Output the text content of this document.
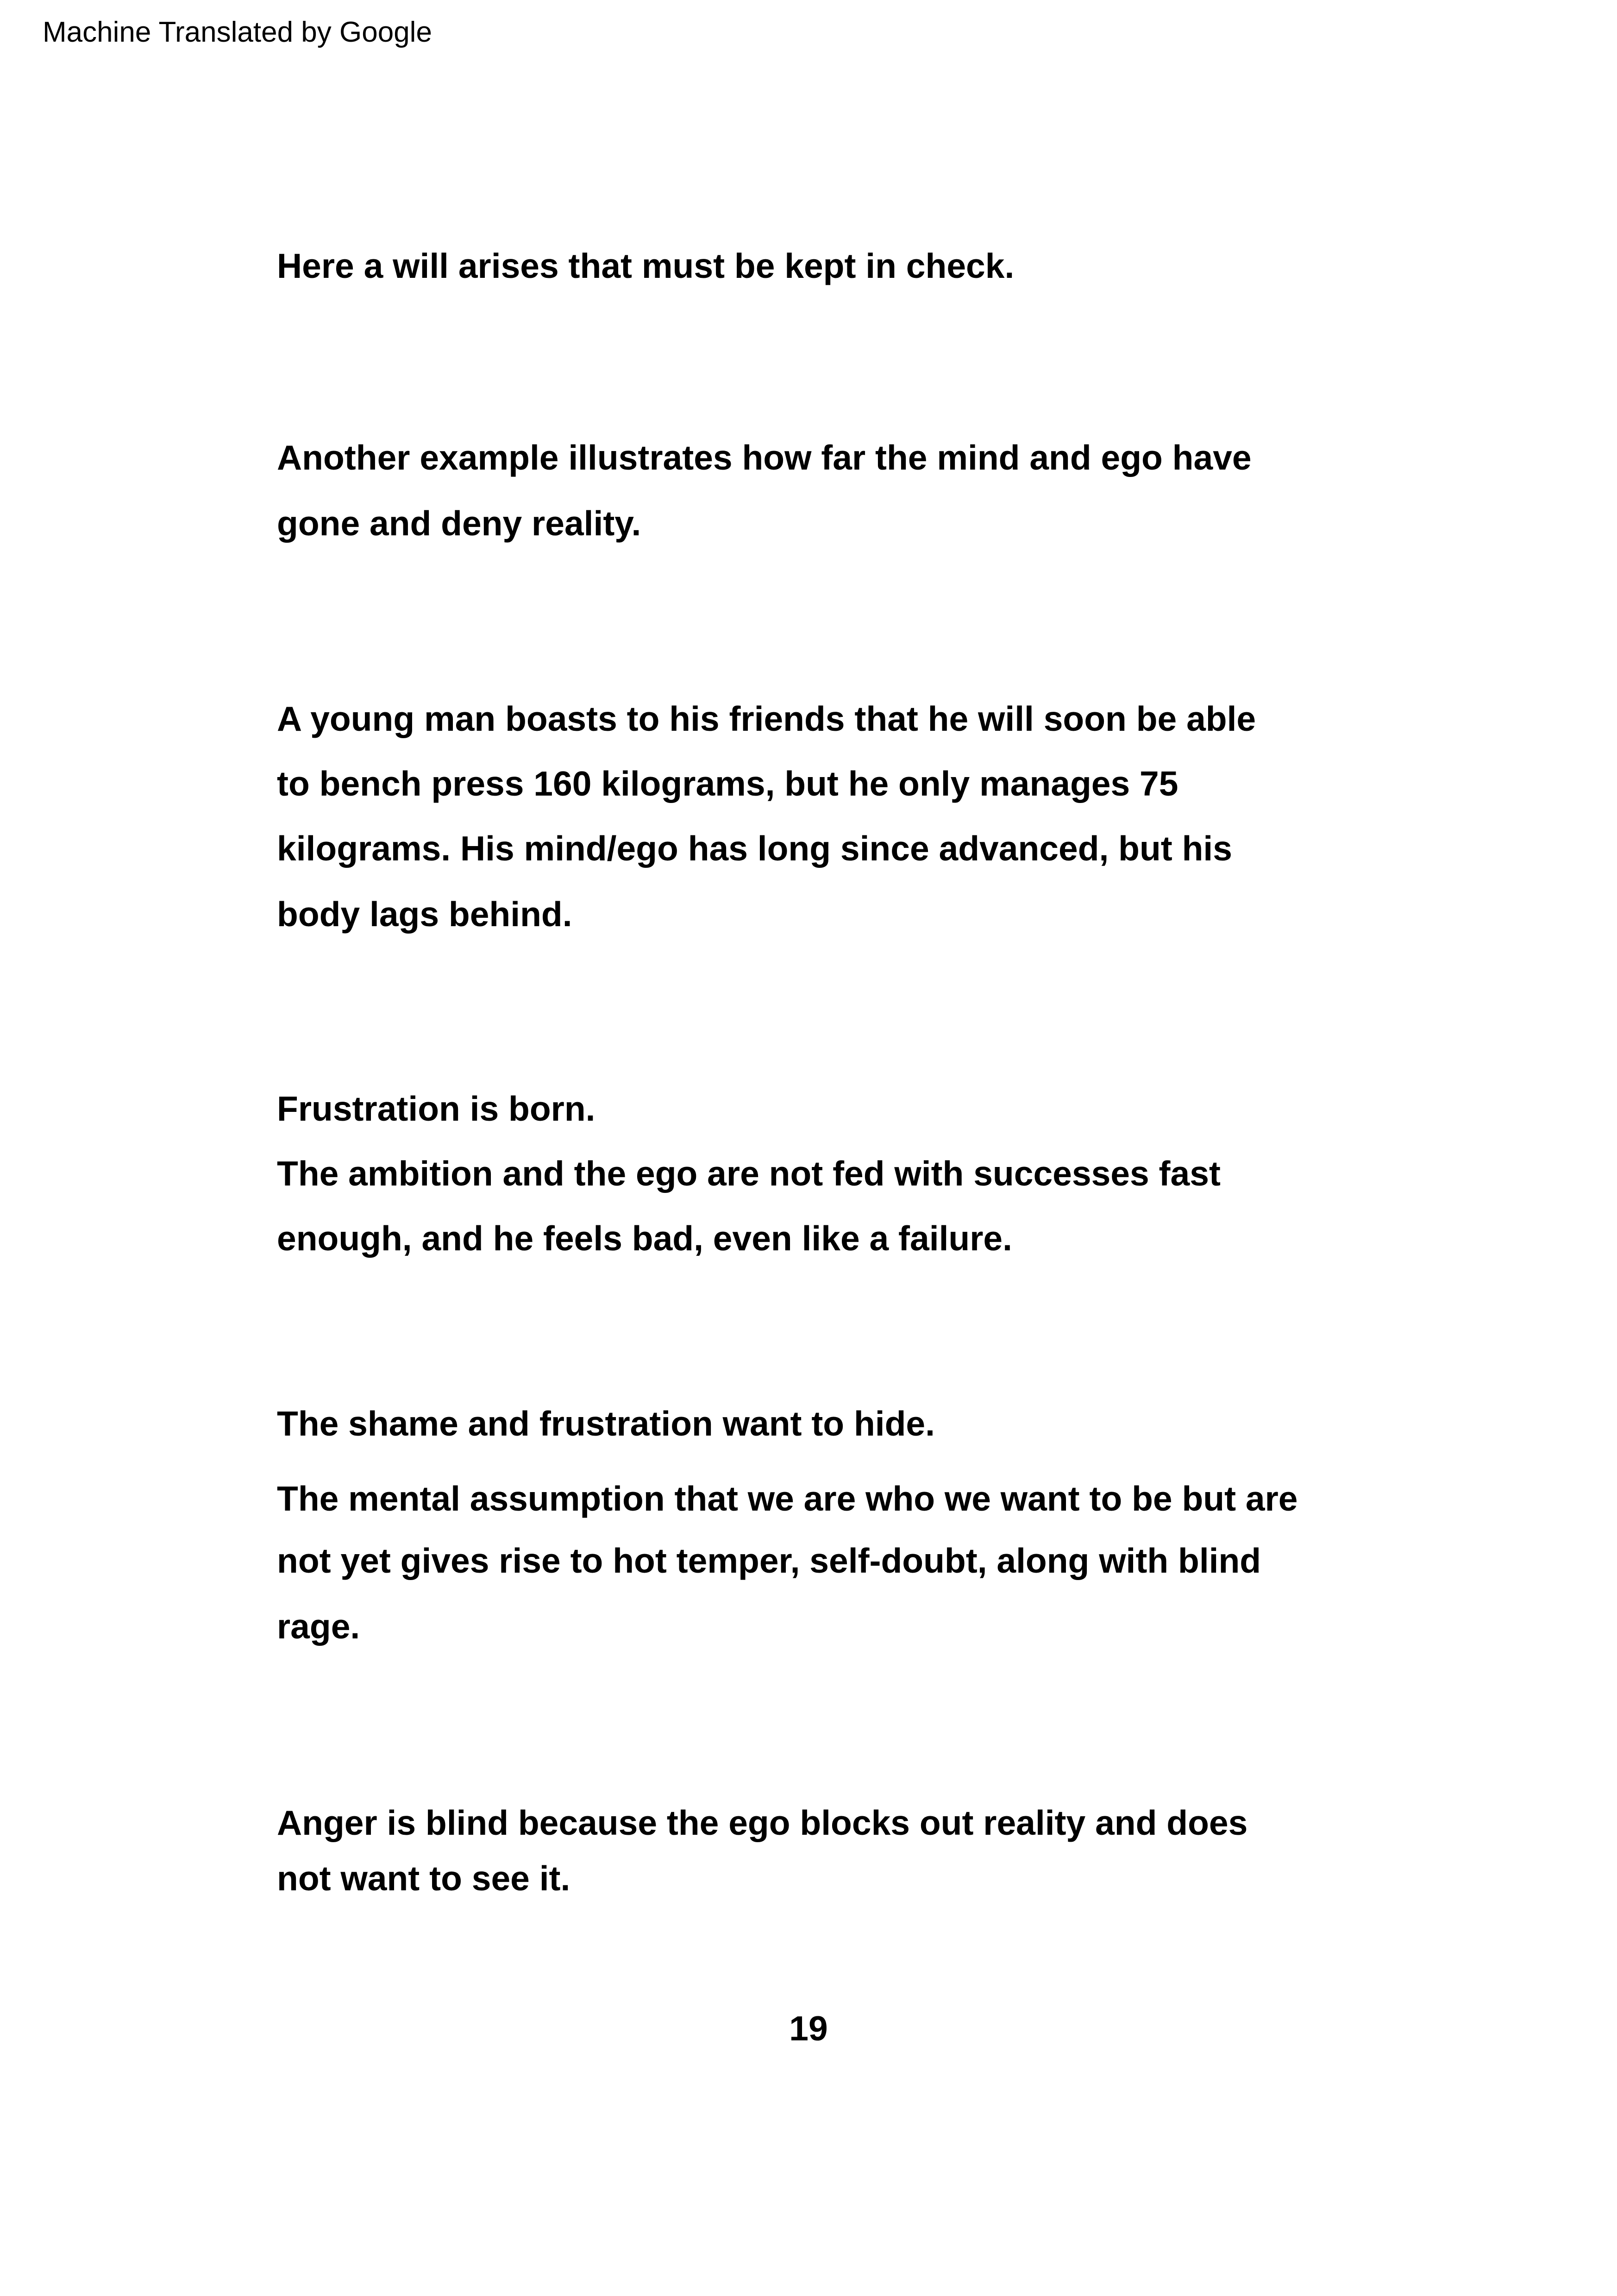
Machine Translated by Google
Here a will arises that must be kept in check.
Another example illustrates how far the mind and ego have
gone and deny reality.
A young man boasts to his friends that he will soon be able
to bench press 160 kilograms, but he only manages 75
kilograms. His mind/ego has long since advanced, but his
body lags behind.
Frustration is born.
The ambition and the ego are not fed with successes fast
enough, and he feels bad, even like a failure.
The shame and frustration want to hide.
The mental assumption that we are who we want to be but are
not yet gives rise to hot temper, self-doubt, along with blind
rage.
Anger is blind because the ego blocks out reality and does
not want to see it.
19
